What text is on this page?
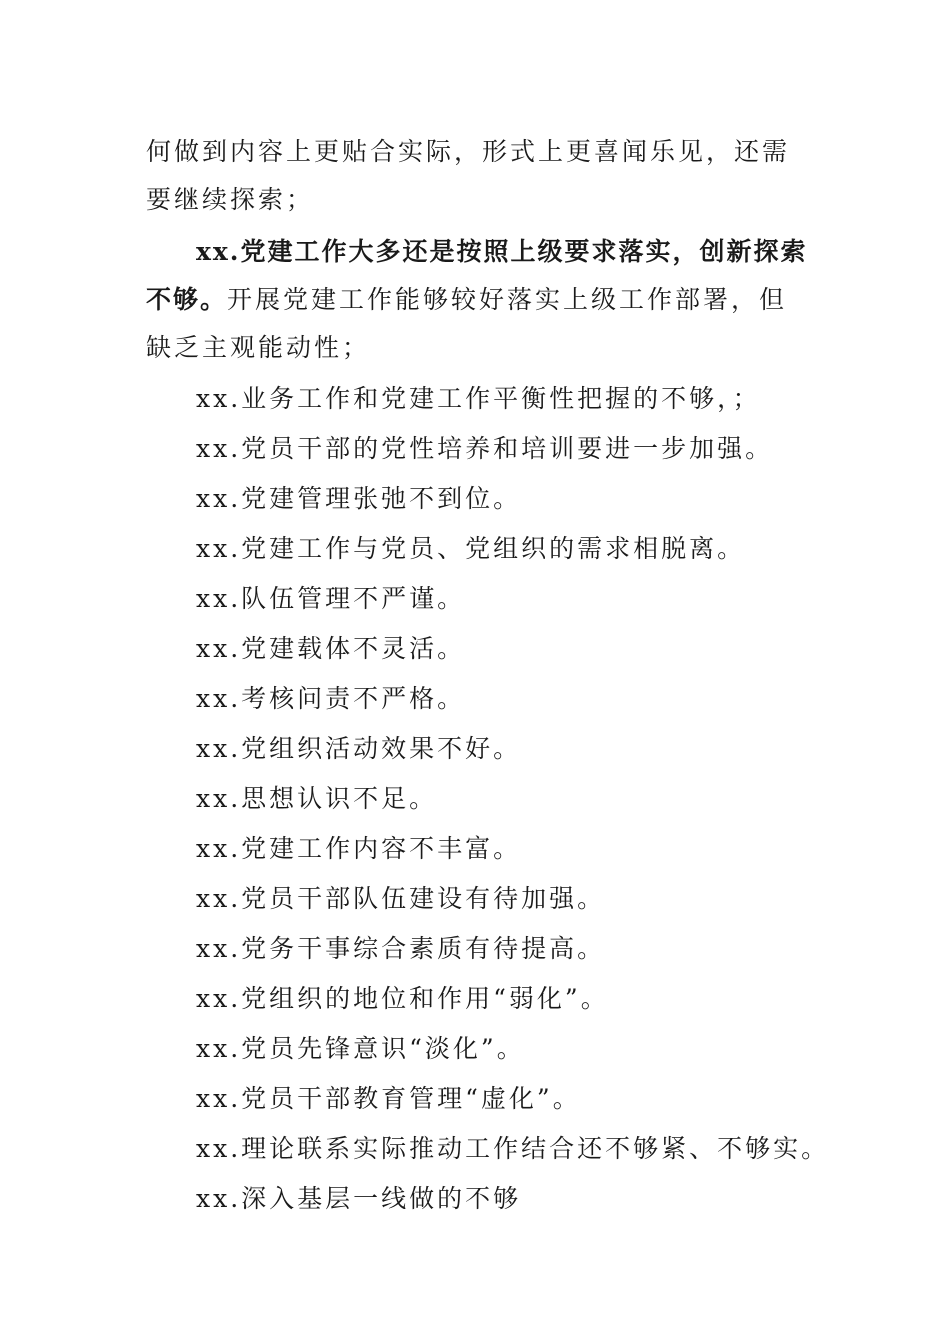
何做到内容上更贴合实际，形式上更喜闻乐见，还需要继续探索；

xx.党建工作大多还是按照上级要求落实，创新探索不够。开展党建工作能够较好落实上级工作部署，但缺乏主观能动性；

xx.业务工作和党建工作平衡性把握的不够，；
xx.党员干部的党性培养和培训要进一步加强。
xx.党建管理张弛不到位。
xx.党建工作与党员、党组织的需求相脱离。
xx.队伍管理不严谨。
xx.党建载体不灵活。
xx.考核问责不严格。
xx.党组织活动效果不好。
xx.思想认识不足。
xx.党建工作内容不丰富。
xx.党员干部队伍建设有待加强。
xx.党务干事综合素质有待提高。
xx.党组织的地位和作用“弱化”。
xx.党员先锋意识“淡化”。
xx.党员干部教育管理“虚化”。
xx.理论联系实际推动工作结合还不够紧、不够实。
xx.深入基层一线做的不够
